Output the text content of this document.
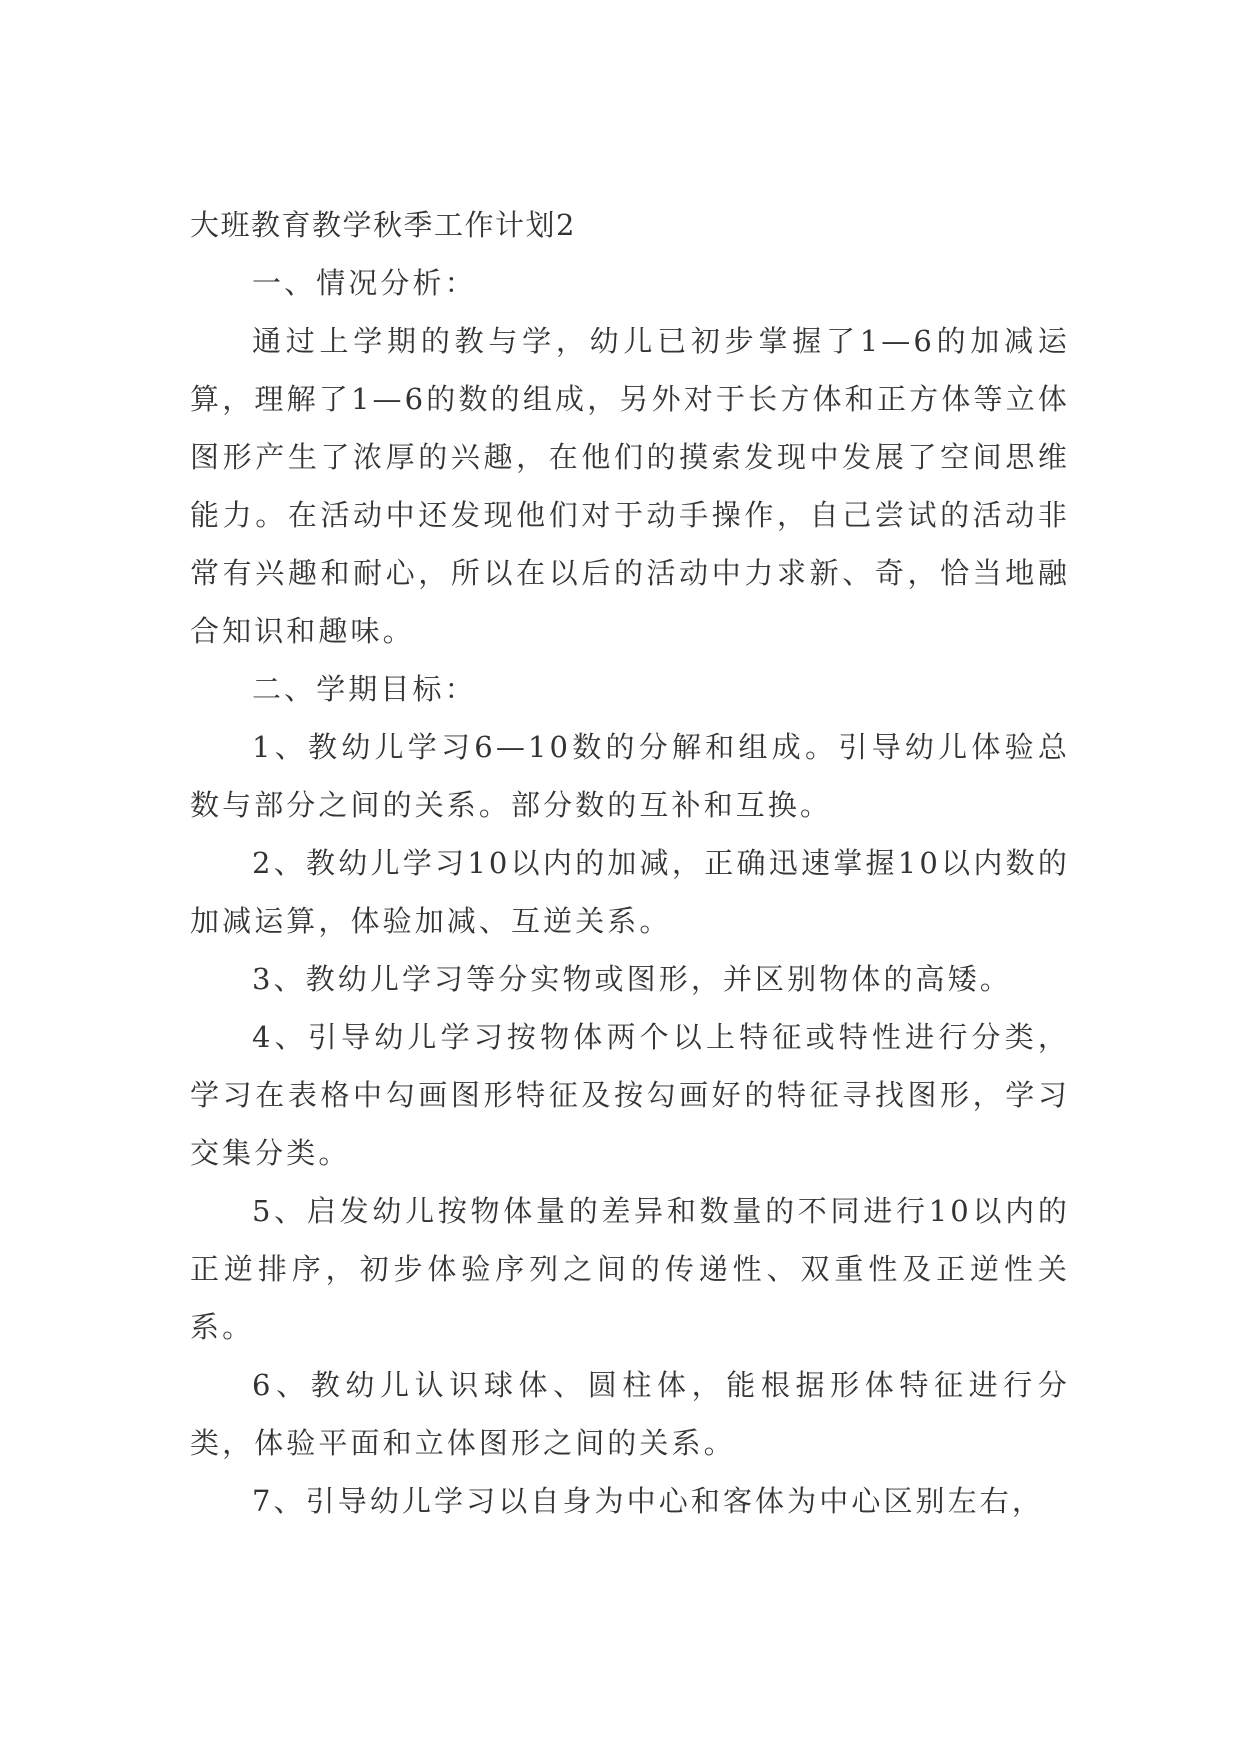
大班教育教学秋季工作计划2
一、情况分析：

通过上学期的教与学，幼儿已初步掌握了1—6的加减运算，理解了1—6的数的组成，另外对于长方体和正方体等立体图形产生了浓厚的兴趣，在他们的摸索发现中发展了空间思维能力。在活动中还发现他们对于动手操作，自己尝试的活动非常有兴趣和耐心，所以在以后的活动中力求新、奇，恰当地融合知识和趣味。

二、学期目标：

1、教幼儿学习6—10数的分解和组成。引导幼儿体验总数与部分之间的关系。部分数的互补和互换。

2、教幼儿学习10以内的加减，正确迅速掌握10以内数的加减运算，体验加减、互逆关系。

3、教幼儿学习等分实物或图形，并区别物体的高矮。

4、引导幼儿学习按物体两个以上特征或特性进行分类，学习在表格中勾画图形特征及按勾画好的特征寻找图形，学习交集分类。

5、启发幼儿按物体量的差异和数量的不同进行10以内的正逆排序，初步体验序列之间的传递性、双重性及正逆性关系。

6、教幼儿认识球体、圆柱体，能根据形体特征进行分类，体验平面和立体图形之间的关系。

7、引导幼儿学习以自身为中心和客体为中心区别左右，
